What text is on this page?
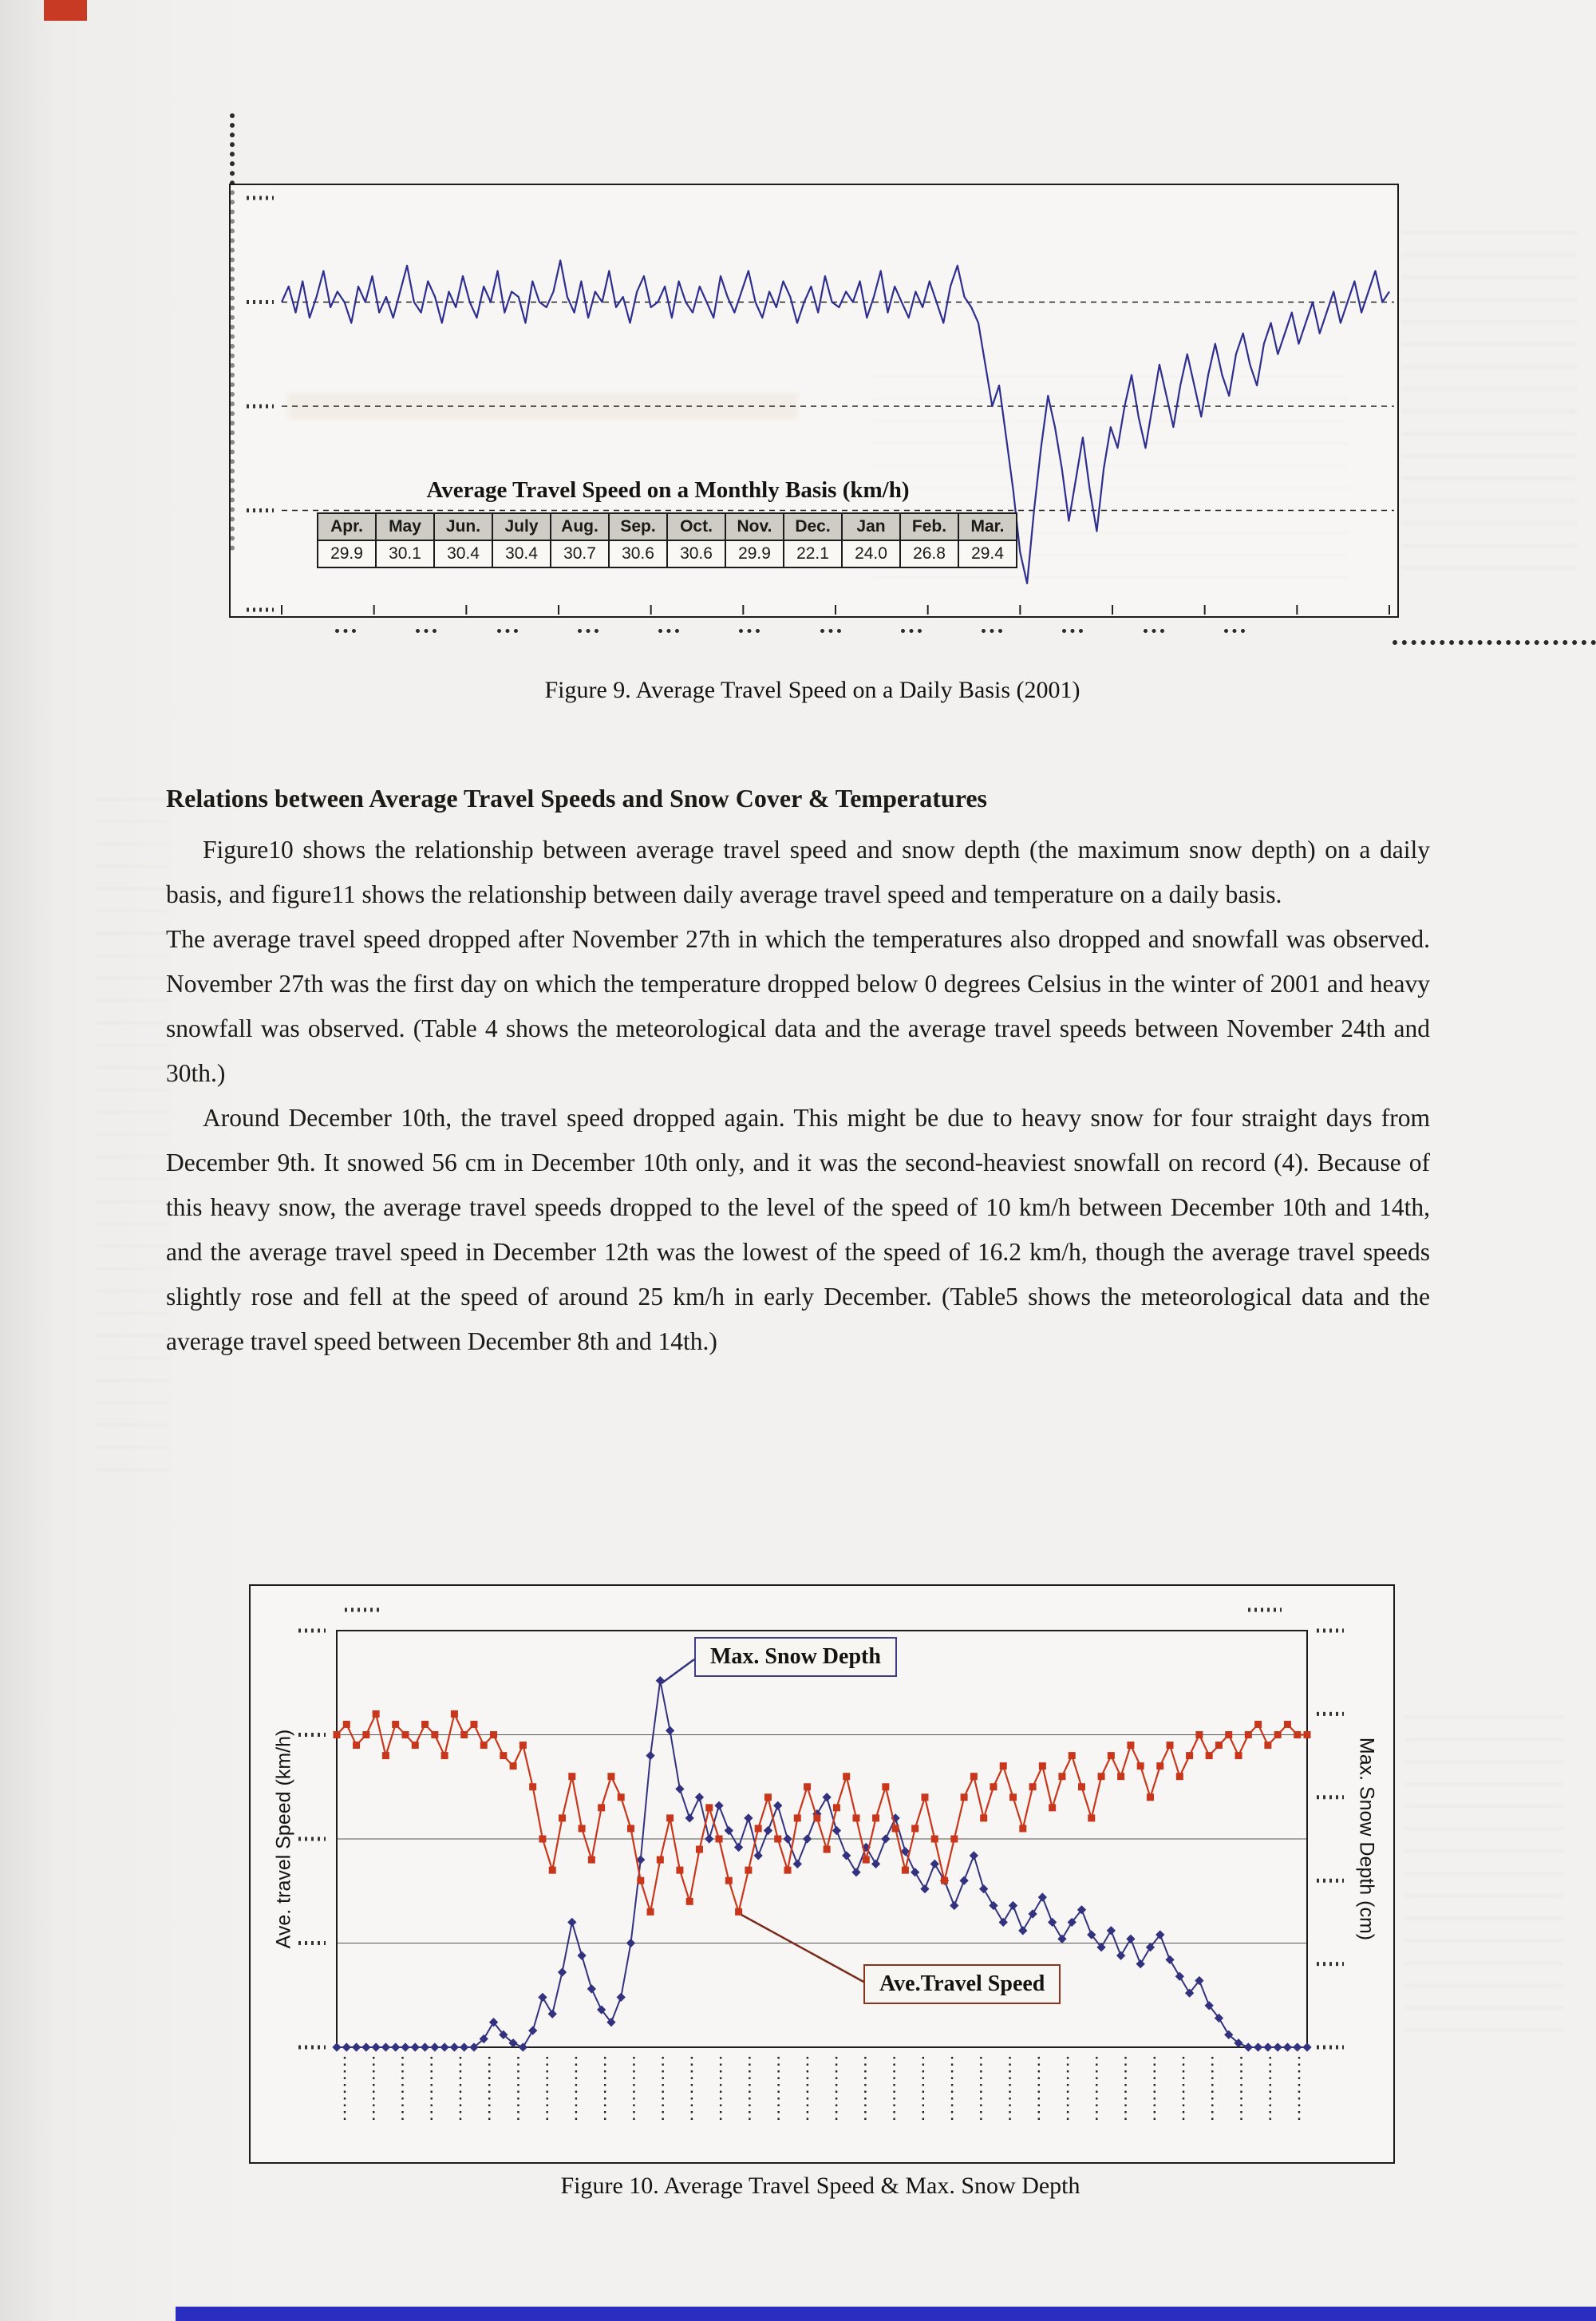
Average Travel Speed on a Monthly Basis (km/h)
Apr.	May	Jun.	July	Aug.	Sep.	Oct.	Nov.	Dec.	Jan	Feb.	Mar.
29.9	30.1	30.4	30.4	30.7	30.6	30.6	29.9	22.1	24.0	26.8	29.4
Figure 9. Average Travel Speed on a Daily Basis (2001)
Relations between Average Travel Speeds and Snow Cover & Temperatures

Figure10 shows the relationship between average travel speed and snow depth (the maximum snow depth) on a daily basis, and figure11 shows the relationship between daily average travel speed and temperature on a daily basis.

The average travel speed dropped after November 27th in which the temperatures also dropped and snowfall was observed. November 27th was the first day on which the temperature dropped below 0 degrees Celsius in the winter of 2001 and heavy snowfall was observed. (Table 4 shows the meteorological data and the average travel speeds between November 24th and 30th.)

Around December 10th, the travel speed dropped again. This might be due to heavy snow for four straight days from December 9th. It snowed 56 cm in December 10th only, and it was the second-heaviest snowfall on record (4). Because of this heavy snow, the average travel speeds dropped to the level of the speed of 10 km/h between December 10th and 14th, and the average travel speed in December 12th was the lowest of the speed of 16.2 km/h, though the average travel speeds slightly rose and fell at the speed of around 25 km/h in early December. (Table5 shows the meteorological data and the average travel speed between December 8th and 14th.)

Ave. travel Speed (km/h)	Max. Snow Depth (cm)
Max. Snow Depth
Ave.Travel Speed
Figure 10. Average Travel Speed & Max. Snow Depth
